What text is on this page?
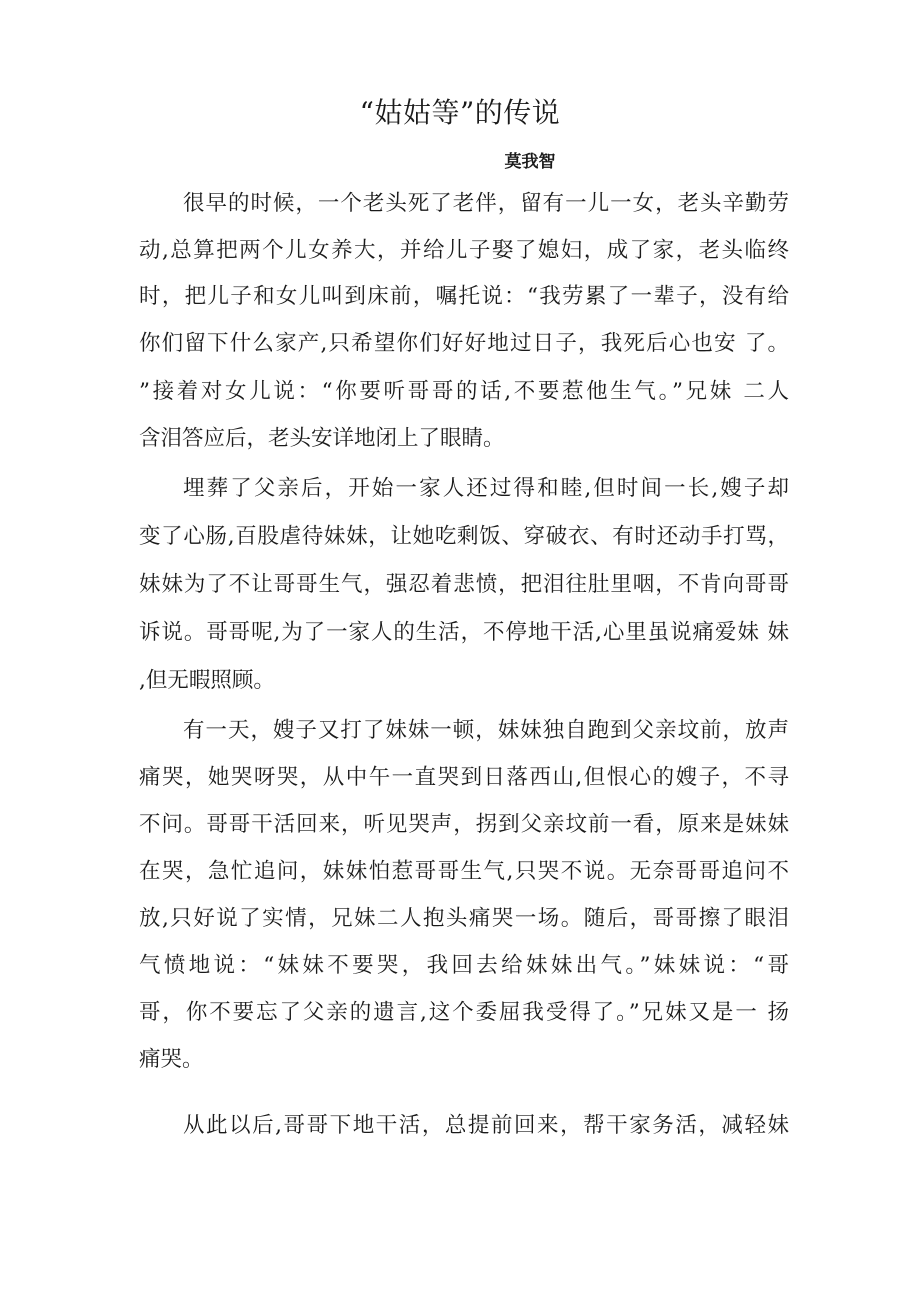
“姑姑等”的传说

莫我智

很早的时候，一个老头死了老伴，留有一儿一女，老头辛勤劳

动,总算把两个儿女养大，并给儿子娶了媳妇，成了家，老头临终

时，把儿子和女儿叫到床前，嘱托说：“我劳累了一辈子，没有给

你们留下什么家产,只希望你们好好地过日子，我死后心也安 了。

”接着对女儿说：“你要听哥哥的话,不要惹他生气。”兄妹 二人

含泪答应后，老头安详地闭上了眼睛。

埋葬了父亲后，开始一家人还过得和睦,但时间一长,嫂子却

变了心肠,百股虐待妹妹，让她吃剩饭、穿破衣、有时还动手打骂，

妹妹为了不让哥哥生气，强忍着悲愤，把泪往肚里咽，不肯向哥哥

诉说。哥哥呢,为了一家人的生活，不停地干活,心里虽说痛爱妹 妹

,但无暇照顾。

有一天，嫂子又打了妹妹一顿，妹妹独自跑到父亲坟前，放声

痛哭，她哭呀哭，从中午一直哭到日落西山,但恨心的嫂子，不寻

不问。哥哥干活回来，听见哭声，拐到父亲坟前一看，原来是妹妹

在哭，急忙追问，妹妹怕惹哥哥生气,只哭不说。无奈哥哥追问不

放,只好说了实情，兄妹二人抱头痛哭一场。随后，哥哥擦了眼泪

气愤地说：“妹妹不要哭，我回去给妹妹出气。”妹妹说：“哥

哥，你不要忘了父亲的遗言,这个委屈我受得了。”兄妹又是一 扬

痛哭。

从此以后,哥哥下地干活，总提前回来，帮干家务活，减轻妹
